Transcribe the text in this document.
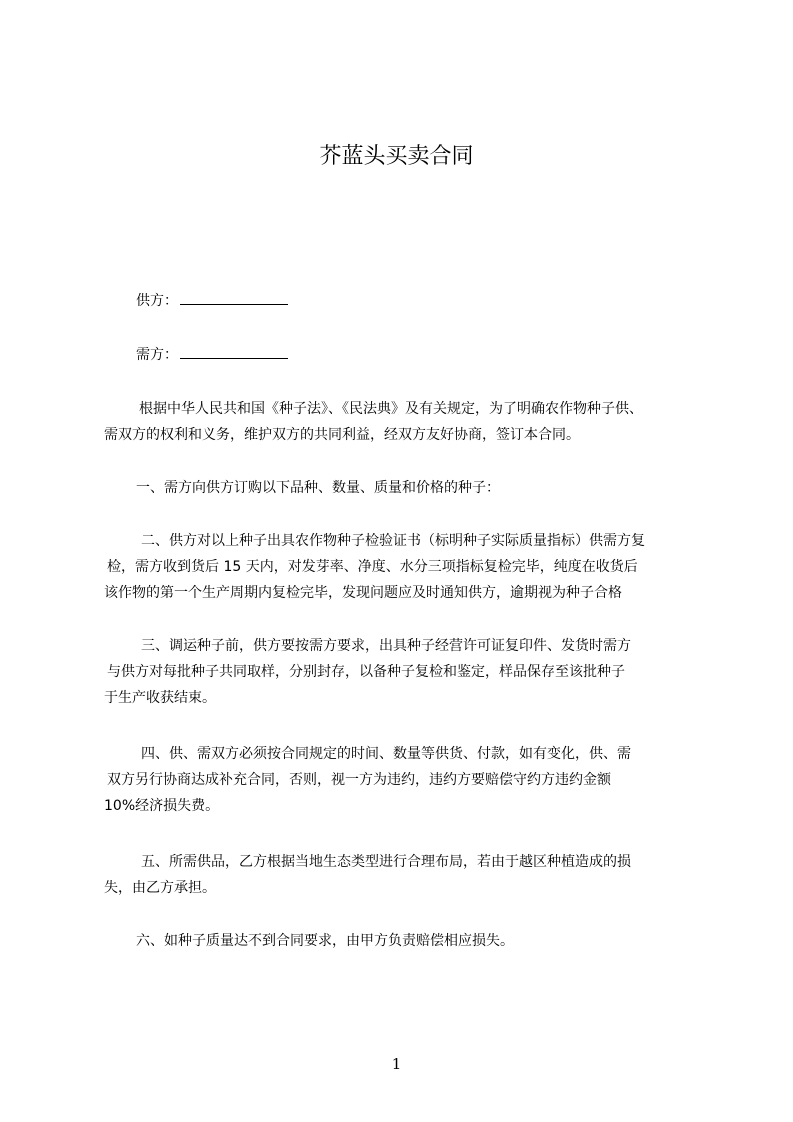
芥蓝头买卖合同
供方：
需方：
根据中华人民共和国《种子法》、《民法典》及有关规定，为了明确农作物种子供、
需双方的权利和义务，维护双方的共同利益，经双方友好协商，签订本合同。
一、需方向供方订购以下品种、数量、质量和价格的种子：
二、供方对以上种子出具农作物种子检验证书（标明种子实际质量指标）供需方复
检，需方收到货后 15 天内，对发芽率、净度、水分三项指标复检完毕，纯度在收货后
该作物的第一个生产周期内复检完毕，发现问题应及时通知供方，逾期视为种子合格
三、调运种子前，供方要按需方要求，出具种子经营许可证复印件、发货时需方
与供方对每批种子共同取样，分别封存，以备种子复检和鉴定，样品保存至该批种子
于生产收获结束。
四、供、需双方必须按合同规定的时间、数量等供货、付款，如有变化，供、需
双方另行协商达成补充合同，否则，视一方为违约，违约方要赔偿守约方违约金额
10%经济损失费。
五、所需供品，乙方根据当地生态类型进行合理布局，若由于越区种植造成的损
失，由乙方承担。
六、如种子质量达不到合同要求，由甲方负责赔偿相应损失。
1
